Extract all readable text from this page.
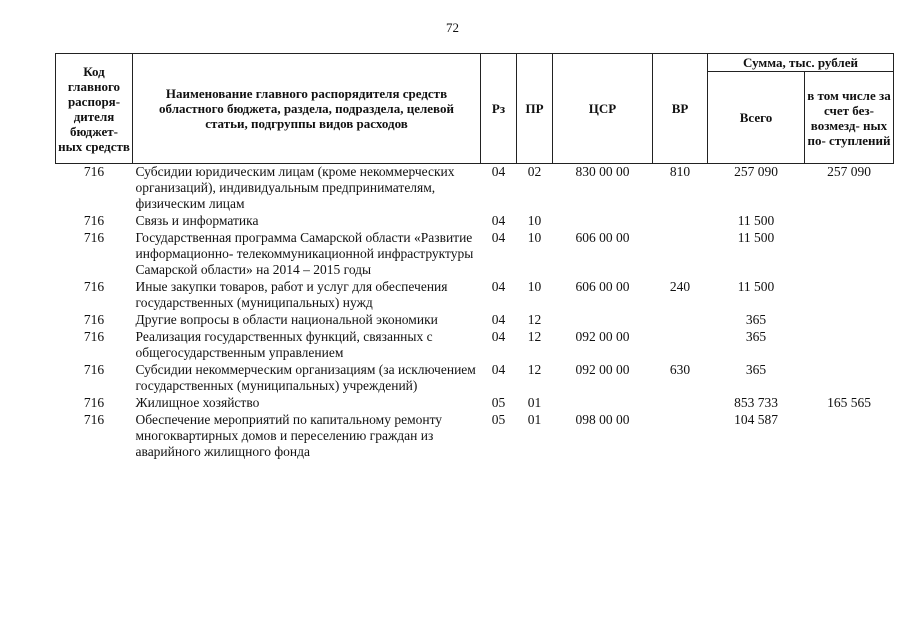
72
Код главного распоря- дителя бюджет- ных средств	Наименование главного распорядителя средств областного бюджета, раздела, подраздела, целевой статьи, подгруппы видов расходов	Рз	ПР	ЦСР	ВР	Сумма, тыс. рублей	
						Всего	в том числе за счет без- возмезд- ных по- ступлений
716	Субсидии юридическим лицам (кроме некоммерческих организаций), индивидуальным предпринимателям, физическим лицам	04	02	830 00 00	810	257 090	257 090
716	Связь и информатика	04	10			11 500	
716	Государственная программа Самарской области «Развитие информационно- телекоммуникационной инфраструктуры Самарской области» на 2014 – 2015 годы	04	10	606 00 00		11 500	
716	Иные закупки товаров, работ и услуг для обеспечения государственных (муниципальных) нужд	04	10	606 00 00	240	11 500	
716	Другие вопросы в области национальной экономики	04	12			365	
716	Реализация государственных функций, связанных с общегосударственным управлением	04	12	092 00 00		365	
716	Субсидии некоммерческим организациям (за исключением государственных (муниципальных) учреждений)	04	12	092 00 00	630	365	
716	Жилищное хозяйство	05	01			853 733	165 565
716	Обеспечение мероприятий по капитальному ремонту многоквартирных домов и переселению граждан из аварийного жилищного фонда	05	01	098 00 00		104 587	
